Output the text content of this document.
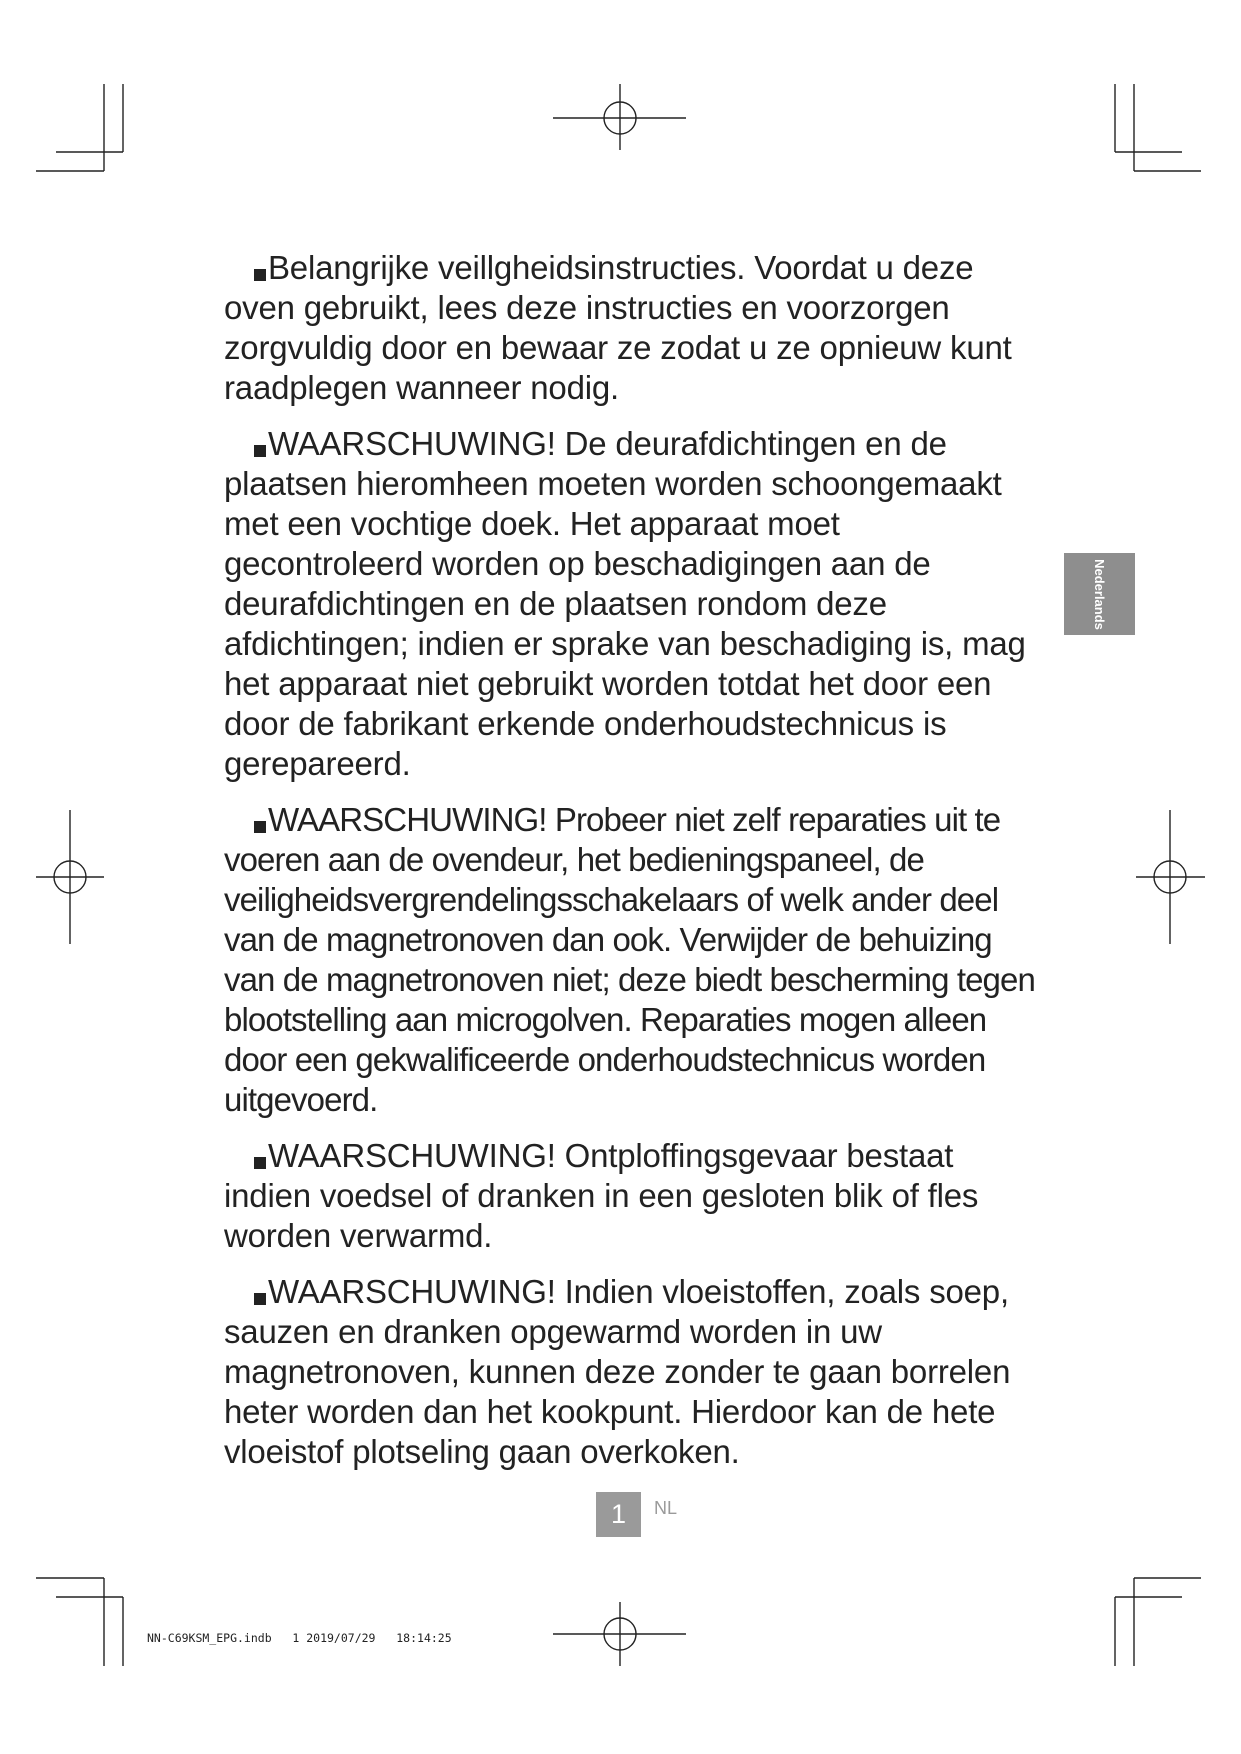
Belangrijke veillgheidsinstructies. Voordat u deze oven gebruikt, lees deze instructies en voorzorgen zorgvuldig door en bewaar ze zodat u ze opnieuw kunt raadplegen wanneer nodig.

WAARSCHUWING! De deurafdichtingen en de plaatsen hieromheen moeten worden schoongemaakt met een vochtige doek. Het apparaat moet gecontroleerd worden op beschadigingen aan de deurafdichtingen en de plaatsen rondom deze afdichtingen; indien er sprake van beschadiging is, mag het apparaat niet gebruikt worden totdat het door een door de fabrikant erkende onderhoudstechnicus is gerepareerd.

WAARSCHUWING! Probeer niet zelf reparaties uit te voeren aan de ovendeur, het bedieningspaneel, de veiligheidsvergrendelingsschakelaars of welk ander deel van de magnetronoven dan ook. Verwijder de behuizing van de magnetronoven niet; deze biedt bescherming tegen blootstelling aan microgolven. Reparaties mogen alleen door een gekwalificeerde onderhoudstechnicus worden uitgevoerd.

WAARSCHUWING! Ontploffingsgevaar bestaat indien voedsel of dranken in een gesloten blik of fles worden verwarmd.

WAARSCHUWING! Indien vloeistoffen, zoals soep, sauzen en dranken opgewarmd worden in uw magnetronoven, kunnen deze zonder te gaan borrelen heter worden dan het kookpunt. Hierdoor kan de hete vloeistof plotseling gaan overkoken.

Nederlands
1	NL
NN-C69KSM_EPG.indb   1 2019/07/29   18:14:25
